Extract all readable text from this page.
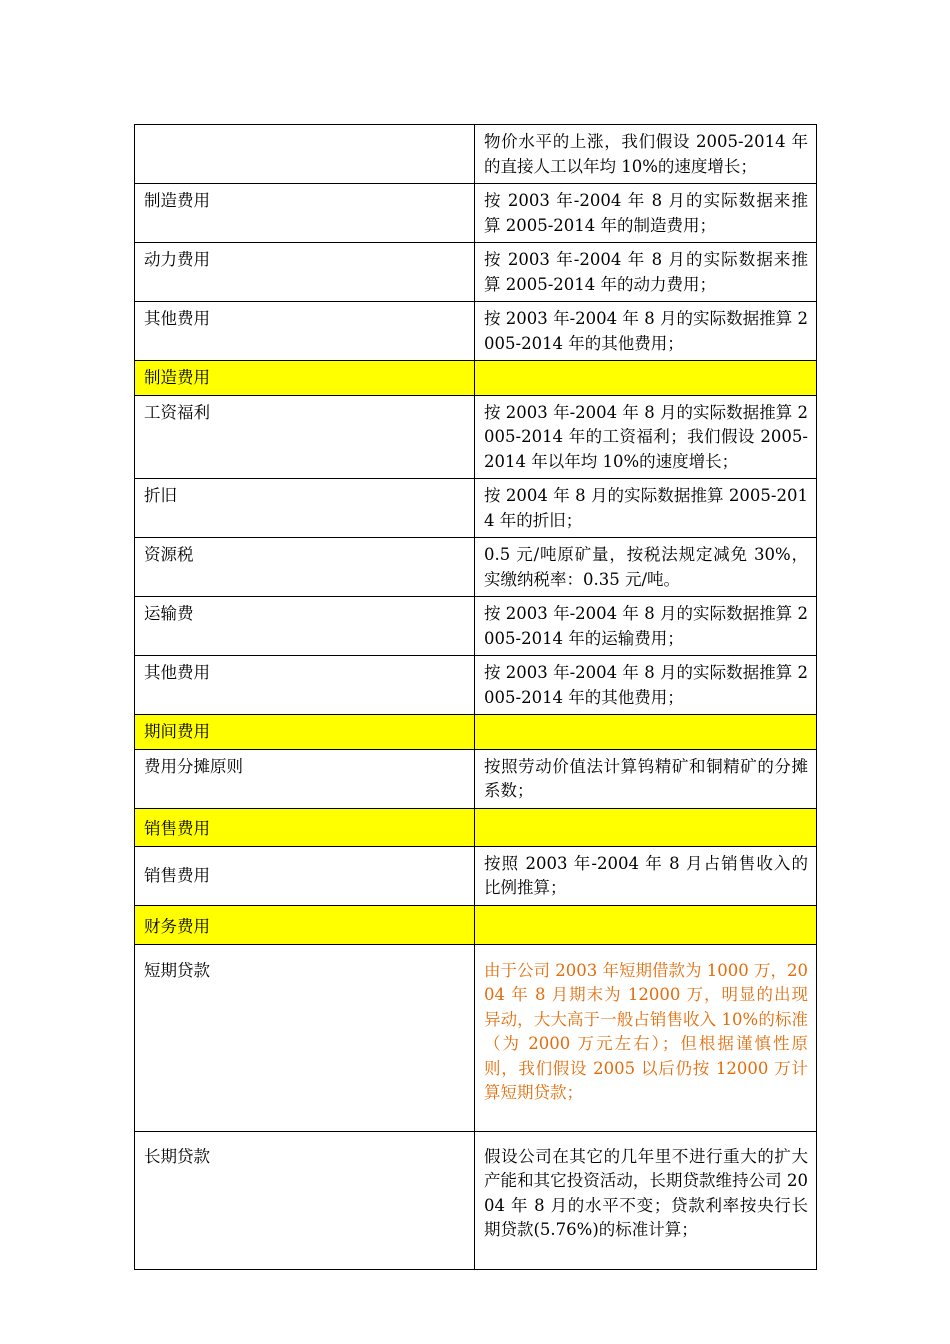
	物价水平的上涨，我们假设 2005-2014 年的直接人工以年均 10%的速度增长；
制造费用	按 2003 年-2004 年 8 月的实际数据来推算 2005-2014 年的制造费用；
动力费用	按 2003 年-2004 年 8 月的实际数据来推算 2005-2014 年的动力费用；
其他费用	按 2003 年-2004 年 8 月的实际数据推算 2005-2014 年的其他费用；
制造费用	
工资福利	按 2003 年-2004 年 8 月的实际数据推算 2005-2014 年的工资福利；我们假设 2005-2014 年以年均 10%的速度增长；
折旧	按 2004 年 8 月的实际数据推算 2005-2014 年的折旧；
资源税	0.5 元/吨原矿量，按税法规定减免 30%，实缴纳税率：0.35 元/吨。
运输费	按 2003 年-2004 年 8 月的实际数据推算 2005-2014 年的运输费用；
其他费用	按 2003 年-2004 年 8 月的实际数据推算 2005-2014 年的其他费用；
期间费用	
费用分摊原则	按照劳动价值法计算钨精矿和铜精矿的分摊系数；
销售费用	
销售费用	按照 2003 年-2004 年 8 月占销售收入的比例推算；
财务费用	
短期贷款	由于公司 2003 年短期借款为 1000 万，2004 年 8 月期末为 12000 万，明显的出现异动，大大高于一般占销售收入 10%的标准（为 2000 万元左右）；但根据谨慎性原则，我们假设 2005 以后仍按 12000 万计算短期贷款；
长期贷款	假设公司在其它的几年里不进行重大的扩大产能和其它投资活动，长期贷款维持公司 2004 年 8 月的水平不变；贷款利率按央行长期贷款(5.76%)的标准计算；
